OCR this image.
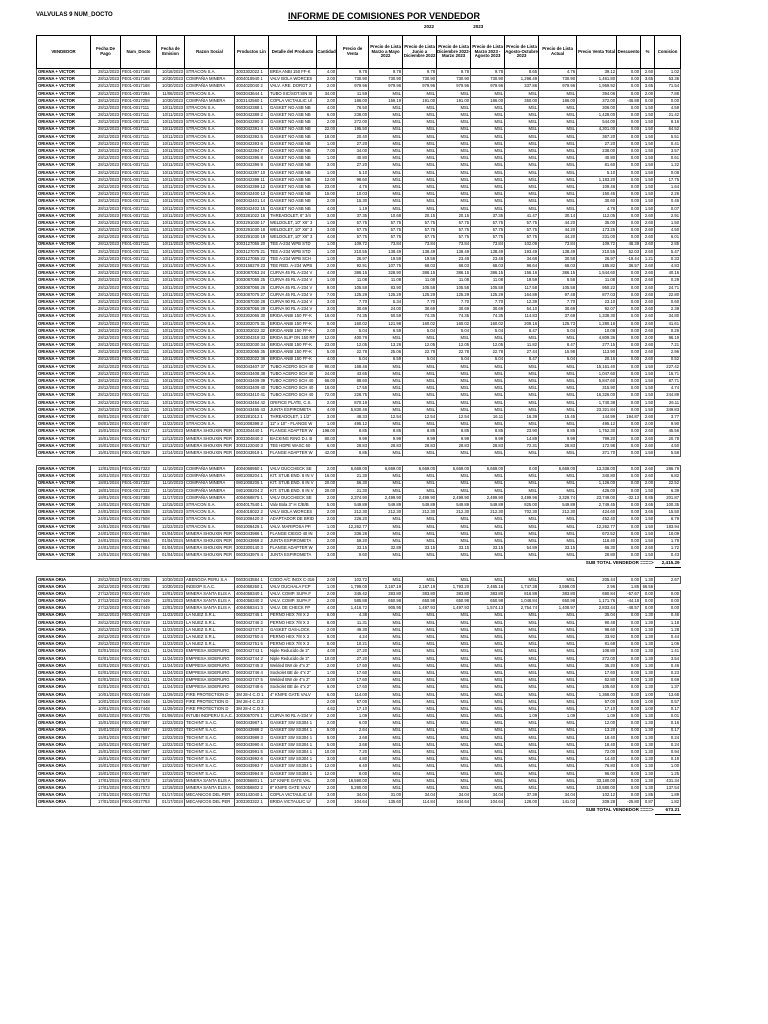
VALVULAS 9 NUM_DOCTO	INFORME DE COMISIONES POR VENDEDOR
2022	2023
VENDEDOR	Fecha De Pago	Num_Docto	Fecha de Emision	Razon Social	Productos Lin	Detalle del Producto	Cantidad	Precio de Venta	Precio de Lista Marzo a Mayo 2022	Precio de Lista Junio a Diciembre 2022	Precio de Lista Diciembre 2022-Marzo 2023	Precio de Lista Marzo 2023 - Agosto 2023	Precio de Lista Agosto-Octubre 2023	Precio de Lista Actual	Precio Venta Total	Descuento	%	Comision
ORIANA + VICTOR	28/12/2023	FE01-0017168	10/18/2023	STRACON S.A.	3003302022 1	BREA ANBI 150 FF-K	4.00	9.78	9.78	9.78	9.78	9.78	8.65	4.76	39.12	0.00	2.60	1.02
ORIANA + VICTOR	28/12/2023	FE01-0017168	10/30/2023	COMPAÑIA MINERA	4004018940 1	VALV BOLA WORCES	2.00	730.90	730.90	730.90	730.90	730.90	1,298.49	730.90	1,461.80	0.00	3.65	53.36
ORIANA + VICTOR	28/12/2023	FE01-0017168	10/30/2023	COMPAÑIA MINERA	4004020040 2	VALV. ARE. DORGT 2	2.00	979.96	979.96	979.96	979.96	979.96	337.86	979.96	1,959.92	0.00	3.65	71.54
ORIANA + VICTOR	28/12/2023	FE01-0017284	11/08/2023	STRACON S.A.	0603043644 1	TUBO SIC/SOT.SIN SI	34.00	11.59	MSL	MSL	MSL	MSL	MSL	MSL	394.06	0.00	2.00	7.88
ORIANA + VICTOR	28/12/2023	FE01-0017258	10/30/2023	COMPAÑIA MINERA	3003142560 1	COPLA VICTAULIC U/	2.00	186.00	159.19	191.00	191.00	186.00	350.00	186.00	372.00	-46.88	0.00	0.00
ORIANA + VICTOR	28/12/2023	FE01-0017111	10/11/2023	STRACON S.A.	0603042388 1	GASKET NO ASB NB	4.00	76.50	MSL	MSL	MSL	MSL	MSL	MSL	306.00	0.00	1.50	4.59
ORIANA + VICTOR	28/12/2023	FE01-0017111	10/11/2023	STRACON S.A.	0603042389 2	GASKET NO ASB NB	6.00	238.00	MSL	MSL	MSL	MSL	MSL	MSL	1,428.00	0.00	1.50	21.42
ORIANA + VICTOR	28/12/2023	FE01-0017111	10/11/2023	STRACON S.A.	0603042390 3	GASKET NO ASB NB	2.00	272.00	MSL	MSL	MSL	MSL	MSL	MSL	544.00	0.00	1.50	8.16
ORIANA + VICTOR	28/12/2023	FE01-0017111	10/11/2023	STRACON S.A.	0603042391 4	GASKET NO ASB NB	22.00	195.50	MSL	MSL	MSL	MSL	MSL	MSL	4,301.00	0.00	1.50	64.52
ORIANA + VICTOR	28/12/2023	FE01-0017111	10/11/2023	STRACON S.A.	0603042392 5	GASKET NO ASB NB	18.00	20.40	MSL	MSL	MSL	MSL	MSL	MSL	367.20	0.00	1.50	5.51
ORIANA + VICTOR	28/12/2023	FE01-0017111	10/11/2023	STRACON S.A.	0603042393 6	GASKET NO ASB NB	1.00	27.20	MSL	MSL	MSL	MSL	MSL	MSL	27.20	0.00	1.50	0.41
ORIANA + VICTOR	28/12/2023	FE01-0017111	10/11/2023	STRACON S.A.	0603042394 7	GASKET NO ASB NB	7.00	34.00	MSL	MSL	MSL	MSL	MSL	MSL	238.00	0.00	1.50	3.57
ORIANA + VICTOR	28/12/2023	FE01-0017111	10/11/2023	STRACON S.A.	0603042395 8	GASKET NO ASB NB	1.00	40.80	MSL	MSL	MSL	MSL	MSL	MSL	40.80	0.00	1.50	0.61
ORIANA + VICTOR	28/12/2023	FE01-0017111	10/11/2023	STRACON S.A.	0603042396 9	GASKET NO ASB NB	3.00	27.20	MSL	MSL	MSL	MSL	MSL	MSL	81.60	0.00	1.50	1.22
ORIANA + VICTOR	28/12/2023	FE01-0017111	10/11/2023	STRACON S.A.	0603042397 10	GASKET NO ASB NB	1.00	5.10	MSL	MSL	MSL	MSL	MSL	MSL	5.10	0.00	1.50	0.08
ORIANA + VICTOR	28/12/2023	FE01-0017111	10/11/2023	STRACON S.A.	0603042398 11	GASKET NO ASB NB	12.00	98.60	MSL	MSL	MSL	MSL	MSL	MSL	1,183.20	0.00	1.50	17.75
ORIANA + VICTOR	28/12/2023	FE01-0017111	10/11/2023	STRACON S.A.	0603042399 12	GASKET NO ASB NB	23.00	4.76	MSL	MSL	MSL	MSL	MSL	MSL	109.48	0.00	1.50	1.64
ORIANA + VICTOR	28/12/2023	FE01-0017111	10/11/2023	STRACON S.A.	0603042400 13	GASKET NO ASB NB	15.00	10.03	MSL	MSL	MSL	MSL	MSL	MSL	150.45	0.00	1.50	2.26
ORIANA + VICTOR	28/12/2023	FE01-0017111	10/11/2023	STRACON S.A.	0603042401 14	GASKET NO ASB NB	2.00	15.30	MSL	MSL	MSL	MSL	MSL	MSL	30.60	0.00	1.50	0.46
ORIANA + VICTOR	28/12/2023	FE01-0017111	10/11/2023	STRACON S.A.	0603042402 15	GASKET NO ASB NB	4.00	1.19	MSL	MSL	MSL	MSL	MSL	MSL	4.76	0.00	1.50	0.07
ORIANA + VICTOR	28/12/2023	FE01-0017111	10/11/2023	STRACON S.A.	3003281022 16	THREADOLET, 6" 3/4	3.00	37.35	10.68	20.15	20.15	37.35	41.47	30.14	112.05	0.00	2.60	2.91
ORIANA + VICTOR	28/12/2023	FE01-0017111	10/11/2023	STRACON S.A.	3003291030 17	WELDOLET, 10" X6" 3	1.00	57.75	57.75	57.75	57.75	57.75	57.75	44.20	35.00	0.00	2.60	1.50
ORIANA + VICTOR	28/12/2023	FE01-0017111	10/11/2023	STRACON S.A.	3003291030 18	WELDOLET, 10" X6" 3	3.00	57.75	57.75	57.75	57.75	57.75	57.75	44.20	173.25	0.00	2.60	4.50
ORIANA + VICTOR	28/12/2023	FE01-0017111	10/11/2023	STRACON S.A.	3003291030 19	WELDOLET, 10" X6" 3	4.00	57.75	57.75	57.75	57.75	57.75	57.75	44.20	231.00	0.00	2.60	6.01
ORIANA + VICTOR	28/12/2023	FE01-0017111	10/11/2023	STRACON S.A.	3003127055 20	TEE A-234 WPB STD	1.00	109.72	73.84	73.84	73.84	73.84	102.09	73.84	109.72	48.39	2.60	2.85
ORIANA + VICTOR	28/12/2023	FE01-0017111	10/11/2023	STRACON S.A.	3003127075 21	TEE A-234 WPB STD	1.00	210.55	138.49	138.49	138.49	138.49	193.49	138.49	210.55	52.03	2.60	5.47
ORIANA + VICTOR	28/12/2023	FE01-0017111	10/11/2023	STRACON S.A.	3003127055 22	TEE A-234 WPB SCH	1.00	26.97	19.59	19.59	23.48	23.48	34.68	30.58	26.97	-19.44	1.21	0.33
ORIANA + VICTOR	28/12/2023	FE01-0017111	10/11/2023	STRACON S.A.	3003158279 23	TEE RED. A-234 WPB	2.00	92.91	107.75	68.03	68.03	68.03	96.64	68.03	185.82	36.57	2.60	4.83
ORIANA + VICTOR	28/12/2023	FE01-0017111	10/11/2023	STRACON S.A.	3003087053 24	CURVA 45 RL A-234 V	4.00	386.15	328.90	386.15	386.15	386.15	156.16	386.15	1,544.60	0.00	2.60	40.16
ORIANA + VICTOR	28/12/2023	FE01-0017111	10/11/2023	STRACON S.A.	3003087055 25	CURVA 45 RL A-234 V	1.00	11.08	11.08	11.08	11.08	11.08	19.59	6.58	11.08	0.00	2.60	0.29
ORIANA + VICTOR	28/12/2023	FE01-0017111	10/11/2023	STRACON S.A.	3003087065 26	CURVA 45 RL A-234 V	9.00	105.58	83.90	105.58	105.58	105.58	117.58	105.58	950.22	0.00	2.60	24.71
ORIANA + VICTOR	28/12/2023	FE01-0017111	10/11/2023	STRACON S.A.	3003087075 27	CURVA 45 RL A-234 V	7.00	125.29	125.29	125.29	125.29	125.29	164.89	97.48	877.03	0.00	2.60	22.80
ORIANA + VICTOR	28/12/2023	FE01-0017111	10/11/2023	STRACON S.A.	3003087030 28	CURVA 90 RL A-234 V	3.00	7.70	5.34	7.70	7.70	7.70	12.39	7.70	23.10	0.00	2.60	0.60
ORIANA + VICTOR	28/12/2023	FE01-0017111	10/11/2023	STRACON S.A.	3003087055 29	CURVA 90 RL A-234 V	3.00	30.69	24.00	30.69	30.69	30.69	54.10	30.69	92.07	0.00	2.60	2.39
ORIANA + VICTOR	28/12/2023	FE01-0017111	10/11/2023	STRACON S.A.	3003302065 30	BRIDA ANBI 150 FF-K	18.00	74.35	50.59	74.35	74.35	74.35	114.83	37.69	1,338.30	0.00	2.60	34.80
ORIANA + VICTOR	28/12/2023	FE01-0017111	10/11/2023	STRACON S.A.	3003302075 31	BRIDA ANBI 150 FF-K	8.00	160.02	121.98	160.02	160.02	160.02	209.16	125.73	1,280.16	0.00	2.60	41.61
ORIANA + VICTOR	28/12/2023	FE01-0017111	10/11/2023	STRACON S.A.	3003302022 32	BRIDA ANBI 150 FF-K	2.00	5.04	6.59	5.04	5.04	5.04	8.47	5.04	10.08	0.00	2.60	0.26
ORIANA + VICTOR	28/12/2023	FE01-0017111	10/11/2023	STRACON S.A.	3003304319 33	BRIDA SLIP ON 150 RF	12.00	400.78	MSL	MSL	MSL	MSL	MSL	MSL	4,809.36	0.00	2.00	96.19
ORIANA + VICTOR	28/12/2023	FE01-0017111	10/11/2023	STRACON S.A.	3003302030 34	BRIDA ANBI 150 FF-K	23.00	12.05	13.26	12.05	12.05	12.05	11.82	8.47	277.15	0.00	2.60	7.21
ORIANA + VICTOR	28/12/2023	FE01-0017111	10/11/2023	STRACON S.A.	3003302055 35	BRIDA ANBI 150 FF-K	5.00	22.78	25.06	22.78	22.78	22.78	27.44	15.98	113.90	0.00	2.60	2.96
ORIANA + VICTOR	28/12/2023	FE01-0017111	10/11/2023	STRACON S.A.	3003302022 36	BRIDA ANBI 150 FF-K	4.00	5.04	6.59	5.04	5.04	5.04	8.47	5.04	20.16	0.00	2.60	0.52
ORIANA + VICTOR	28/12/2023	FE01-0017111	10/11/2023	STRACON S.A.	0603043407 37	TUBO ACERO SCH 40	90.00	168.46	MSL	MSL	MSL	MSL	MSL	MSL	15,161.40	0.00	1.50	227.42
ORIANA + VICTOR	28/12/2023	FE01-0017111	10/11/2023	STRACON S.A.	0603043408 38	TUBO ACERO SCH 40	24.00	43.65	MSL	MSL	MSL	MSL	MSL	MSL	1,047.60	0.00	1.50	15.71
ORIANA + VICTOR	28/12/2023	FE01-0017111	10/11/2023	STRACON S.A.	0603043409 39	TUBO ACERO SCH 40	66.00	88.60	MSL	MSL	MSL	MSL	MSL	MSL	5,847.60	0.00	1.50	87.71
ORIANA + VICTOR	28/12/2023	FE01-0017111	10/11/2023	STRACON S.A.	0603043409 40	TUBO ACERO SCH 40	18.00	17.55	MSL	MSL	MSL	MSL	MSL	MSL	315.90	0.00	1.50	4.74
ORIANA + VICTOR	28/12/2023	FE01-0017111	10/11/2023	STRACON S.A.	0603043410 41	TUBO ACERO SCH 40	72.00	226.75	MSL	MSL	MSL	MSL	MSL	MSL	16,326.00	0.00	1.50	244.89
ORIANA + VICTOR	28/12/2023	FE01-0017111	10/11/2023	STRACON S.A.	0603043454 42	ORIFICE PLATE, C.S.	2.00	870.19	MSL	MSL	MSL	MSL	MSL	MSL	1,740.38	0.00	1.50	26.11
ORIANA + VICTOR	28/12/2023	FE01-0017111	10/11/2023	STRACON S.A.	0603043455 43	JUNTA ESPIROMETA	4.00	5,830.46	MSL	MSL	MSL	MSL	MSL	MSL	23,321.84	0.00	1.50	349.83
ORIANA + VICTOR	08/01/2024	FE01-0017407	11/22/2023	STRACON S.A.	3003281012 1	THREADOLET, 1 1/2"	3.00	48.33	12.54	12.54	12.54	16.11	16.39	15.45	144.99	194.87	2.60	3.77
ORIANA + VICTOR	08/01/2024	FE01-0017407	11/22/2023	STRACON S.A.	0601008398 2	12" x 10" - FLANGE W	1.00	495.12	MSL	MSL	MSL	MSL	MSL	MSL	495.12	0.00	2.00	9.90
ORIANA + VICTOR	15/01/2024	FE01-0017517	12/13/2023	MINERA SHOUXIN PER	3003304440 1	FLANGE ADAPTER W	198.00	8.85	8.85	8.85	8.85	8.85	23.90	8.85	1,752.30	0.00	2.60	45.56
ORIANA + VICTOR	15/01/2024	FE01-0017517	12/13/2023	MINERA SHOUXIN PER	3003304840 2	BACKING RING D.I. B	80.00	9.99	9.99	9.99	9.99	9.99	14.89	9.99	799.20	0.00	2.60	20.78
ORIANA + VICTOR	15/01/2024	FE01-0017517	12/13/2023	MINERA SHOUXIN PER	3003122040 3	TEE HDPE WASC 50	6.00	28.83	28.83	28.83	28.83	28.83	72.31	28.83	172.98	0.00	2.60	4.50
ORIANA + VICTOR	15/01/2024	FE01-0017529	12/14/2023	MINERA SHOUXIN PER	0603043919 1	FLANGE ADAPTER W	42.00	8.85	MSL	MSL	MSL	MSL	MSL	MSL	371.70	0.00	1.50	5.58

ORIANA + VICTOR	12/01/2024	FE01-0017323	11/10/2023	COMPAÑIA MINERA	4004068950 1	VALV DUCCHECK SE	2.00	6,669.00	6,669.00	6,669.00	6,669.00	6,669.00	0.00	6,669.00	13,338.00	0.00	2.60	286.76
ORIANA + VICTOR	16/01/2024	FE01-0017332	11/10/2023	COMPAÑIA MINERA	0801008204 1	KIT. STUB END. 8 IN V	16.00	21.30	MSL	MSL	MSL	MSL	MSL	MSL	340.80	0.00	2.60	6.82
ORIANA + VICTOR	18/01/2024	FE01-0017332	11/10/2023	COMPAÑIA MINERA	0801008205 1	KIT. STUB END. 8 IN V	20.00	56.30	MSL	MSL	MSL	MSL	MSL	MSL	1,126.00	0.00	2.00	22.52
ORIANA + VICTOR	18/01/2024	FE01-0017332	11/10/2023	COMPAÑIA MINERA	0801008204 2	KIT. STUB END. 8 IN V	20.00	21.30	MSL	MSL	MSL	MSL	MSL	MSL	426.00	0.00	1.50	6.39
ORIANA + VICTOR	18/01/2024	FE01-0017388	11/17/2023	COMPAÑIA MINERA	4004068875 1	VALV DUCCHECK SE	2.00	2,374.90	2,499.90	2,499.90	2,499.90	2,499.90	3,499.96	3,329.74	23,749.00	-32.13	0.85	201.87
ORIANA + VICTOR	24/01/2024	FE01-0017538	12/15/2023	STRACON S.A.	4004017540 1	Valv Bola 3" H C/B/B	5.00	549.89	549.89	549.89	549.89	549.89	825.00	549.89	2,749.45	0.00	3.65	100.35
ORIANA + VICTOR	24/01/2024	FE01-0017538	12/15/2023	STRACON S.A.	4004018022 2	VALV BOLA WORCES	2.00	212.30	212.30	212.30	212.30	212.30	702.30	212.30	424.60	0.00	3.65	15.50
ORIANA + VICTOR	24/01/2024	FE01-0017508	12/15/2023	STRACON S.A.	0601008420 3	ADAPTADOR DE BRID	2.00	226.20	MSL	MSL	MSL	MSL	MSL	MSL	452.40	0.00	1.50	6.79
ORIANA + VICTOR	24/01/2024	FE01-0017558	12/22/2023	STRACON S.A.	0601008425 1	VALV. MARIPOSA PP.	1.00	12,262.77	MSL	MSL	MSL	MSL	MSL	MSL	12,262.77	0.00	1.50	183.94
ORIANA + VICTOR	24/01/2024	FE01-0017684	01/04/2024	MINERA SHOUXIN PER	0603043986 1	FLANGE CIEGO 40 IN	2.00	336.26	MSL	MSL	MSL	MSL	MSL	MSL	672.52	0.00	1.50	10.09
ORIANA + VICTOR	24/01/2024	FE01-0017684	01/04/2024	MINERA SHOUXIN PER	0603043959 2	JUNTA ESPIROMETA	2.00	59.20	MSL	MSL	MSL	MSL	MSL	MSL	118.40	0.00	1.50	1.78
ORIANA + VICTOR	24/01/2024	FE01-0017684	01/04/2024	MINERA SHOUXIN PER	3003300140 3	FLANGE ADAPTER W	2.00	33.15	32.89	33.15	33.15	33.15	54.89	33.15	66.30	0.00	2.60	1.72
ORIANA + VICTOR	24/01/2024	FE01-0017684	01/04/2024	MINERA SHOUXIN PER	0603043976 4	JUNTA ESPIROMETA	3.00	9.60	MSL	MSL	MSL	MSL	MSL	MSL	28.80	0.00	1.50	0.43
SUB TOTAL VENDEDOR ====>																		2,415.29

ORIANA ORIA	28/12/2023	FE01-0017208	10/30/2023	ABENGOA PERU S.A	0603043584 1	CODO A/C INOX C-316	2.00	102.72	MSL	MSL	MSL	MSL	MSL	MSL	205.44	0.00	1.30	2.67
ORIANA ORIA	28/12/2023	FE01-0017292	10/30/2023	INDEOP S.A.C.	4004068260 1	VALV DUCHALA FCP	1.00	1,799.00	2,187.19	2,187.19	1,793.20	2,465.16	1,747.38	3,598.00	2.96	1.85	66.56	
ORIANA ORIA	27/12/2023	FE01-0017449	12/01/2023	MINERA SANTA ELIS A	4004058340 1	VALV. COMP. SUPA F	2.00	345.42	383.80	383.80	383.80	383.80	816.88	383.80	690.84	-57.67	0.00	0.00
ORIANA ORIA	27/12/2023	FE01-0017449	12/01/2023	MINERA SANTA ELIS A	4004058340 2	VALV. COMP. SUPA F	2.00	585.88	650.98	650.98	650.98	650.98	1,048.84	650.98	1,171.76	-44.18	0.00	0.00
ORIANA ORIA	27/12/2023	FE01-0017449	12/01/2023	MINERA SANTA ELIS A	4004058341 3	VALV. DE CHECK FP	4.00	1,416.72	905.95	1,497.93	1,497.93	1,574.13	2,754.74	1,408.97	2,833.44	-48.57	0.00	0.00
ORIANA ORIA	28/12/2023	FE01-0017419	11/23/2023	LA NUEZ S.R.L.	0603042745 1	PERNO HEX 7/8 X 2	8.00	4.38	MSL	MSL	MSL	MSL	MSL	MSL	35.04	0.00	1.30	0.46
ORIANA ORIA	28/12/2023	FE01-0017419	11/23/2023	LA NUEZ S.R.L.	0603042746 2	PERNO HEX 7/8 X 3	8.00	11.31	MSL	MSL	MSL	MSL	MSL	MSL	90.48	0.00	1.30	1.18
ORIANA ORIA	28/12/2023	FE01-0017419	11/23/2023	LA NUEZ S.R.L.	0603042747 3	GASKET GAS-LOCK	2.00	49.30	MSL	MSL	MSL	MSL	MSL	MSL	98.60	0.00	1.30	1.28
ORIANA ORIA	28/12/2023	FE01-0017419	11/23/2023	LA NUEZ S.R.L.	0603042750 4	PERNO HEX 7/8 X 3	8.00	4.24	MSL	MSL	MSL	MSL	MSL	MSL	33.92	0.00	1.30	0.44
ORIANA ORIA	28/12/2023	FE01-0017419	11/23/2023	LA NUEZ S.R.L.	0603042751 5	PERNO HEX 7/8 X 3	8.00	10.21	MSL	MSL	MSL	MSL	MSL	MSL	81.68	0.00	1.30	1.06
ORIANA ORIA	02/01/2024	FE01-0017421	11/24/2023	EMPRESA SIDERURG	0603042743 1	Niple Reducido de 2"	4.00	27.20	MSL	MSL	MSL	MSL	MSL	MSL	108.80	0.00	1.30	1.41
ORIANA ORIA	02/01/2024	FE01-0017421	11/24/2023	EMPRESA SIDERURG	0603042744 2	Niple Reducido de 2"	10.00	27.20	MSL	MSL	MSL	MSL	MSL	MSL	272.00	0.00	1.30	3.54
ORIANA ORIA	02/01/2024	FE01-0017421	11/24/2023	EMPRESA SIDERURG	0603042745 3	Welded BW de 4"x 2"	2.00	17.60	MSL	MSL	MSL	MSL	MSL	MSL	35.20	0.00	1.30	0.46
ORIANA ORIA	02/01/2024	FE01-0017421	11/24/2023	EMPRESA SIDERURG	0603042746 4	Sockolet BE de 4"x 2"	1.00	17.60	MSL	MSL	MSL	MSL	MSL	MSL	17.60	0.00	1.30	0.23
ORIANA ORIA	02/01/2024	FE01-0017421	11/24/2023	EMPRESA SIDERURG	0603042747 5	Welded BW de 4"x 2"	3.00	17.60	MSL	MSL	MSL	MSL	MSL	MSL	52.80	0.00	1.30	0.69
ORIANA ORIA	02/01/2024	FE01-0017421	11/24/2023	EMPRESA SIDERURG	0603042748 6	Sockolet BE de 4"x 2"	6.00	17.60	MSL	MSL	MSL	MSL	MSL	MSL	105.60	0.00	1.30	1.37
ORIANA ORIA	10/01/2024	FE01-0017448	11/29/2023	FIRE PROTECTION D	3M 28-4 C.O 1	4" KNIFE GATE VALV	6.00	114.00	MSL	MSL	MSL	MSL	MSL	MSL	1,368.00	0.00	1.00	13.68
ORIANA ORIA	10/01/2024	FE01-0017448	11/29/2023	FIRE PROTECTION D	3M 28-4 C.O 2		2.00	57.00	MSL	MSL	MSL	MSL	MSL	MSL	57.00	0.00	1.00	0.57
ORIANA ORIA	10/01/2024	FE01-0017448	11/29/2023	FIRE PROTECTION D	3M 28-4 C.O 3		4.62	17.10	MSL	MSL	MSL	MSL	MSL	MSL	17.10	0.00	1.00	0.17
ORIANA ORIA	05/01/2024	FE01-0017705	01/09/2024	INTUBI INDPERU S.A.C.	3003067076 1	CURVA 90 RL A-234 V	2.00	1.09	MSL	MSL	MSL	MSL	1.09	1.09	1.09	0.00	1.30	0.01
ORIANA ORIA	15/01/2024	FE01-0017597	12/22/2023	TECHINT S.A.C.	0603043987 1	GASKET SW SS304 1	2.00	6.00	MSL	MSL	MSL	MSL	MSL	MSL	12.00	0.00	1.30	0.16
ORIANA ORIA	15/01/2024	FE01-0017597	12/22/2023	TECHINT S.A.C.	0603043988 2	GASKET SW SS304 1	5.00	2.64	MSL	MSL	MSL	MSL	MSL	MSL	13.20	0.00	1.30	0.17
ORIANA ORIA	15/01/2024	FE01-0017597	12/22/2023	TECHINT S.A.C.	0603043989 3	GASKET SW SS304 1	5.00	3.68	MSL	MSL	MSL	MSL	MSL	MSL	18.40	0.00	1.30	0.24
ORIANA ORIA	15/01/2024	FE01-0017597	12/22/2023	TECHINT S.A.C.	0603043990 4	GASKET SW SS304 1	5.00	3.68	MSL	MSL	MSL	MSL	MSL	MSL	18.40	0.00	1.30	0.24
ORIANA ORIA	15/01/2024	FE01-0017597	12/22/2023	TECHINT S.A.C.	0603043991 5	GASKET SW SS304 1	10.00	7.20	MSL	MSL	MSL	MSL	MSL	MSL	72.00	0.00	1.30	0.94
ORIANA ORIA	15/01/2024	FE01-0017597	12/22/2023	TECHINT S.A.C.	0603043992 6	GASKET SW SS304 1	3.00	4.80	MSL	MSL	MSL	MSL	MSL	MSL	14.40	0.00	1.30	0.19
ORIANA ORIA	15/01/2024	FE01-0017597	12/22/2023	TECHINT S.A.C.	0603043993 7	GASKET SW SS304 1	12.00	6.40	MSL	MSL	MSL	MSL	MSL	MSL	76.80	0.00	1.30	1.00
ORIANA ORIA	15/01/2024	FE01-0017597	12/22/2023	TECHINT S.A.C.	0603043994 8	GASKET SW SS304 1	12.00	8.00	MSL	MSL	MSL	MSL	MSL	MSL	96.00	0.00	1.30	1.25
ORIANA ORIA	17/01/2024	FE01-0017573	12/19/2023	MINERA SANTA ELIS A	0603056801 1	14" KNIFE GATE VAL	2.00	16,590.00	MSL	MSL	MSL	MSL	MSL	MSL	33,180.00	0.00	1.30	431.34
ORIANA ORIA	17/01/2024	FE01-0017573	12/19/2023	MINERA SANTA ELIS A	0603056802 2	8" KNIFE GATE VALV	2.00	5,290.00	MSL	MSL	MSL	MSL	MSL	MSL	10,580.00	0.00	1.30	137.54
ORIANA ORIA	17/01/2024	FE01-0017753	01/17/2024	MECANICOS DEL PER	3003142040 1	COPLA VICTAULIC U/	3.00	34.04	31.00	34.04	34.04	34.04	37.39	34.04	102.12	0.00	1.85	1.89
ORIANA ORIA	17/01/2024	FE01-0017753	01/17/2024	MECANICOS DEL PER	3003303322 1	BRIDA VICTAULIC U/	2.00	104.64	135.60	114.84	104.64	104.64	128.00	141.02	209.28	-25.80	0.87	1.82
SUB TOTAL VENDEDOR ====>																		673.21
